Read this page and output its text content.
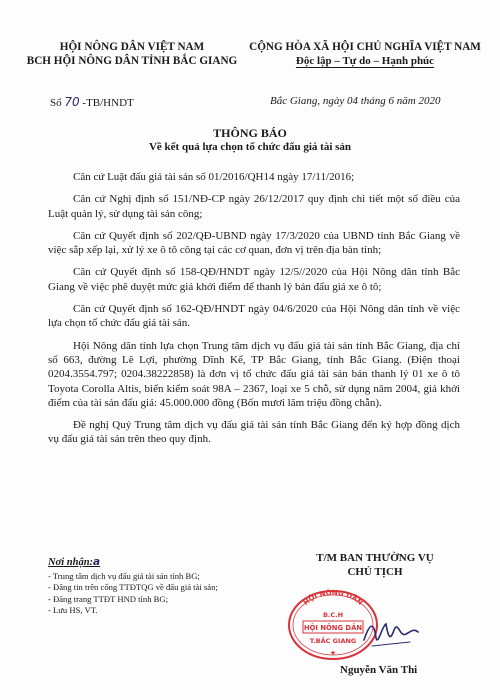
HỘI NÔNG DÂN VIỆT NAM
BCH HỘI NÔNG DÂN TỈNH BẮC GIANG
CỘNG HÒA XÃ HỘI CHỦ NGHĨA VIỆT NAM
Độc lập – Tự do – Hạnh phúc
Số 70 -TB/HNDT	Bắc Giang, ngày 04 tháng 6 năm 2020
THÔNG BÁO
Về kết quả lựa chọn tổ chức đấu giá tài sản

Căn cứ Luật đấu giá tài sản số 01/2016/QH14 ngày 17/11/2016;

Căn cứ Nghị định số 151/NĐ-CP ngày 26/12/2017 quy định chi tiết một số điều của Luật quản lý, sử dụng tài sản công;

Căn cứ Quyết định số 202/QĐ-UBND ngày 17/3/2020 của UBND tỉnh Bắc Giang về việc sắp xếp lại, xử lý xe ô tô công tại các cơ quan, đơn vị trên địa bàn tỉnh;

Căn cứ Quyết định số 158-QĐ/HNDT ngày 12/5//2020 của Hội Nông dân tỉnh Bắc Giang về việc phê duyệt mức giá khởi điểm để thanh lý bán đấu giá xe ô tô;

Căn cứ Quyết định số 162-QĐ/HNDT ngày 04/6/2020 của Hội Nông dân tỉnh về việc lựa chọn tổ chức đấu giá tài sản.

Hội Nông dân tỉnh lựa chọn Trung tâm dịch vụ đấu giá tài sản tỉnh Bắc Giang, địa chỉ số 663, đường Lê Lợi, phường Dĩnh Kế, TP Bắc Giang, tỉnh Bắc Giang. (Điện thoại 0204.3554.797; 0204.38222858) là đơn vị tổ chức đấu giá tài sản bán thanh lý 01 xe ô tô Toyota Corolla Altis, biển kiểm soát 98A – 2367, loại xe 5 chỗ, sử dụng năm 2004, giá khởi điểm của tài sản đấu giá: 45.000.000 đồng (Bốn mươi lăm triệu đồng chẵn).

Đề nghị Quý Trung tâm dịch vụ đấu giá tài sản tỉnh Bắc Giang đến ký hợp đồng dịch vụ đấu giá tài sản trên theo quy định.

Nơi nhận:a
- Trung tâm dịch vụ đấu giá tài sản tỉnh BG;
- Đăng tin trên cổng TTĐTQG về đấu giá tài sản;
- Đăng trang TTĐT HND tỉnh BG;
- Lưu HS, VT.
T/M BAN THƯỜNG VỤ
CHỦ TỊCH
HỘI NÔNG DÂN
B.C.H
HỘI NÔNG DÂN
T.BẮC GIANG
★
Nguyễn Văn Thi
